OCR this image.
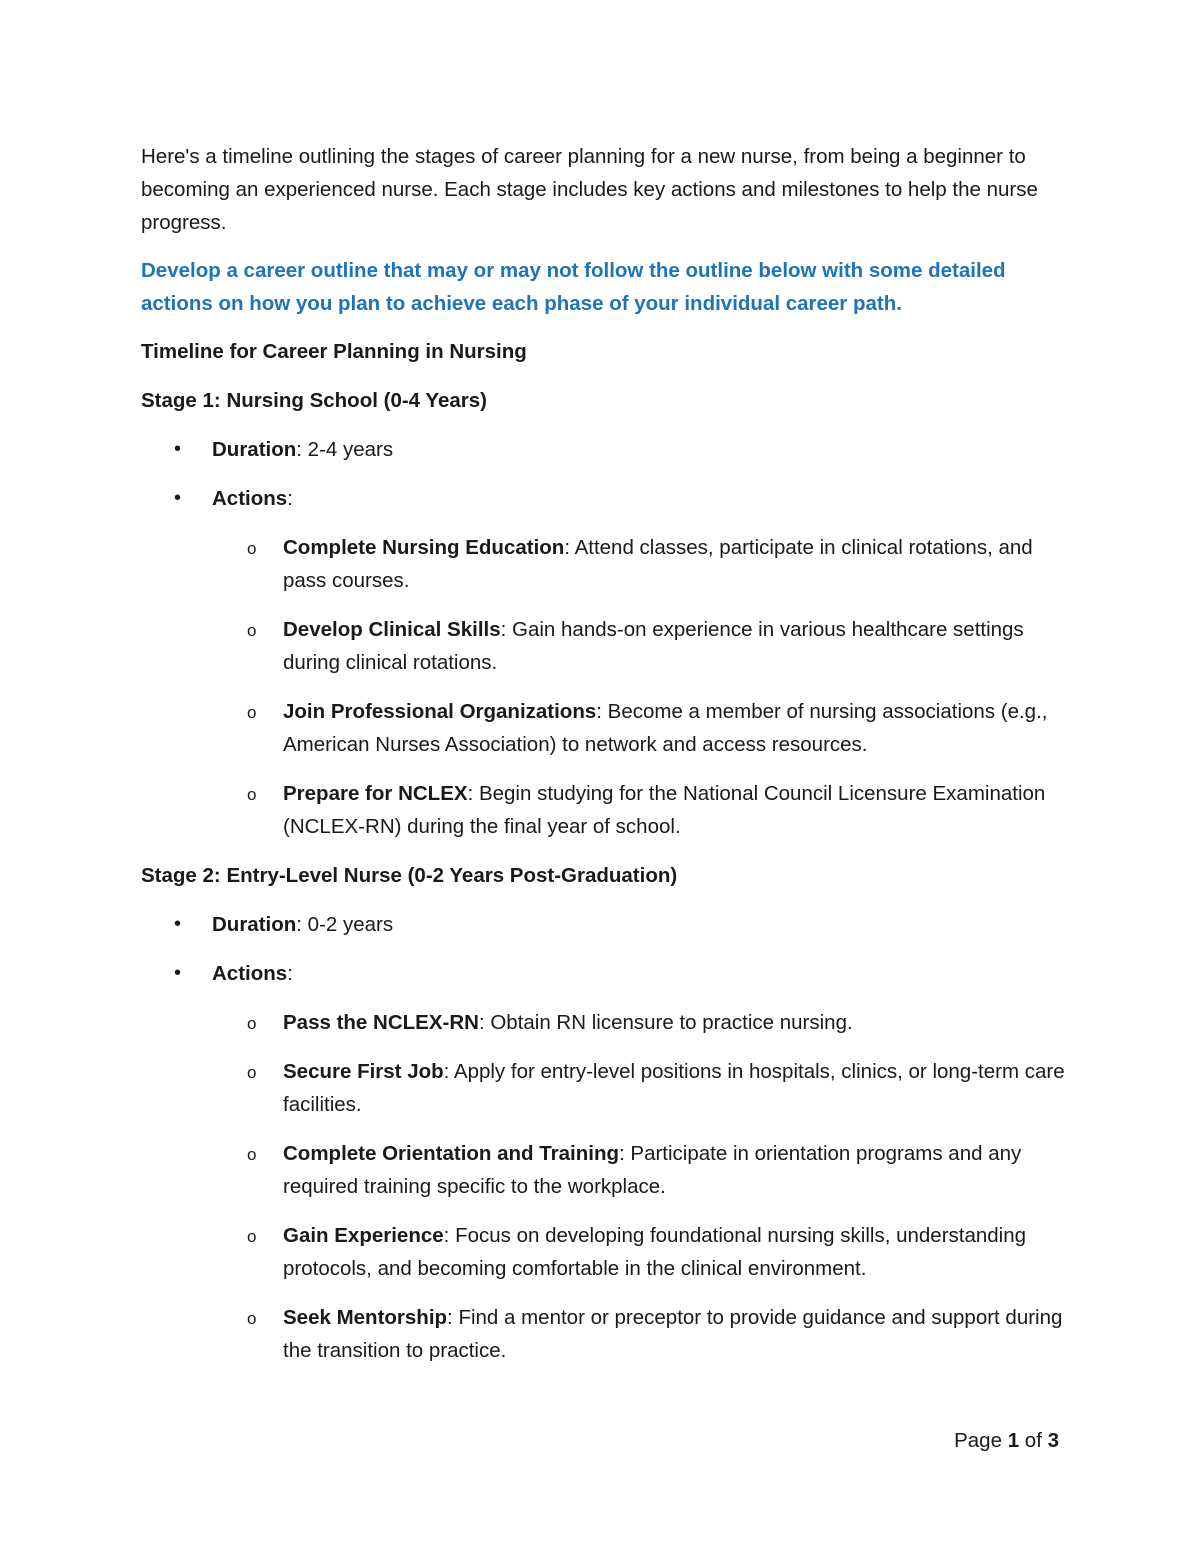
Here's a timeline outlining the stages of career planning for a new nurse, from being a beginner to becoming an experienced nurse. Each stage includes key actions and milestones to help the nurse progress.

Develop a career outline that may or may not follow the outline below with some detailed actions on how you plan to achieve each phase of your individual career path.

Timeline for Career Planning in Nursing

Stage 1: Nursing School (0-4 Years)

• Duration: 2-4 years
• Actions:
o Complete Nursing Education: Attend classes, participate in clinical rotations, and pass courses.
o Develop Clinical Skills: Gain hands-on experience in various healthcare settings during clinical rotations.
o Join Professional Organizations: Become a member of nursing associations (e.g., American Nurses Association) to network and access resources.
o Prepare for NCLEX: Begin studying for the National Council Licensure Examination (NCLEX-RN) during the final year of school.

Stage 2: Entry-Level Nurse (0-2 Years Post-Graduation)

• Duration: 0-2 years
• Actions:
o Pass the NCLEX-RN: Obtain RN licensure to practice nursing.
o Secure First Job: Apply for entry-level positions in hospitals, clinics, or long-term care facilities.
o Complete Orientation and Training: Participate in orientation programs and any required training specific to the workplace.
o Gain Experience: Focus on developing foundational nursing skills, understanding protocols, and becoming comfortable in the clinical environment.
o Seek Mentorship: Find a mentor or preceptor to provide guidance and support during the transition to practice.
Page 1 of 3
